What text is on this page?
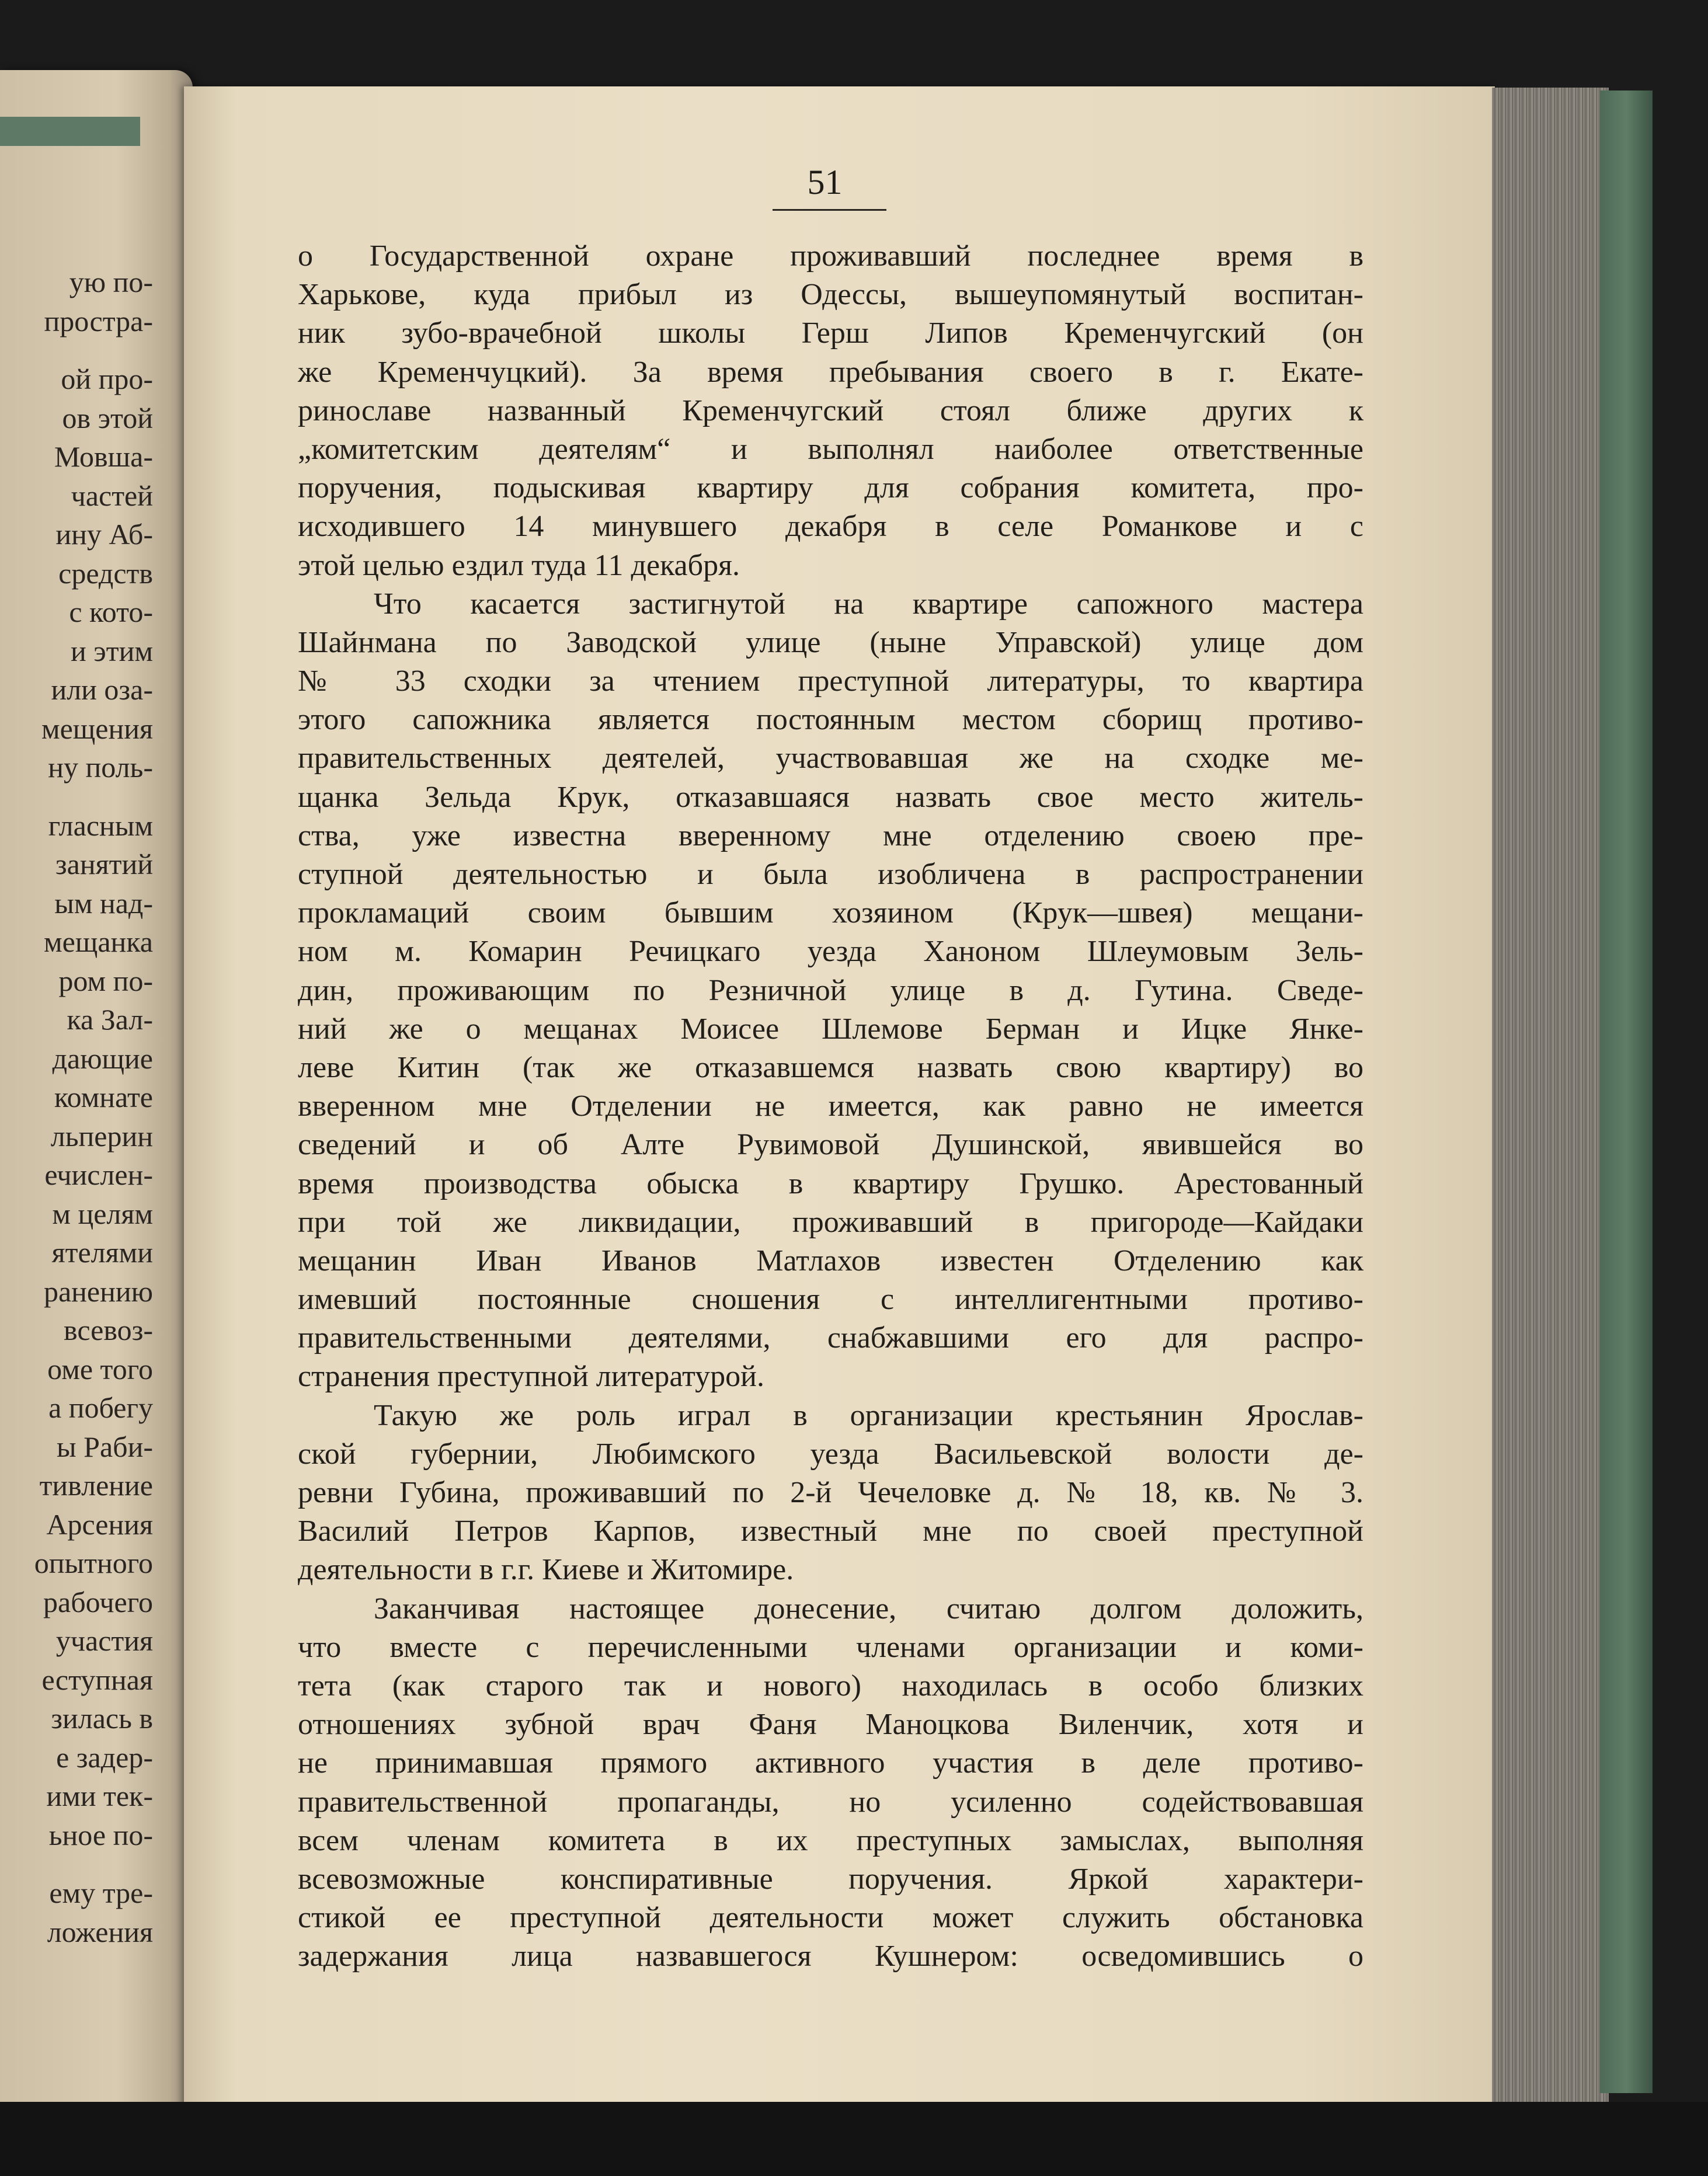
ую по-
простра-
ой про-
ов этой
Мовша-
частей
ину Аб-
средств
с кото-
и этим
или оза-
мещения
ну поль-
гласным
занятий
ым над-
мещанка
ром по-
ка Зал-
дающие
комнате
льперин
ечислен-
м целям
ятелями
ранению
всевоз-
оме того
а побегу
ы Раби-
тивление
Арсения
опытного
рабочего
участия
еступная
зилась в
е задер-
ими тек-
ьное по-
ему тре-
ложения
51
о Государственной охране проживавший последнее время в
Харькове, куда прибыл из Одессы, вышеупомянутый воспитан-
ник зубо-врачебной школы Герш Липов Кременчугский (он
же Кременчуцкий). За время пребывания своего в г. Екате-
ринославе названный Кременчугский стоял ближе других к
„комитетским деятелям“ и выполнял наиболее ответственные
поручения, подыскивая квартиру для собрания комитета, про-
исходившего 14 минувшего декабря в селе Романкове и с
этой целью ездил туда 11 декабря.
Что касается застигнутой на квартире сапожного мастера
Шайнмана по Заводской улице (ныне Управской) улице дом
№ 33 сходки за чтением преступной литературы, то квартира
этого сапожника является постоянным местом сборищ противо-
правительственных деятелей, участвовавшая же на сходке ме-
щанка Зельда Крук, отказавшаяся назвать свое место житель-
ства, уже известна вверенному мне отделению своею пре-
ступной деятельностью и была изобличена в распространении
прокламаций своим бывшим хозяином (Крук—швея) мещани-
ном м. Комарин Речицкаго уезда Ханоном Шлеумовым Зель-
дин, проживающим по Резничной улице в д. Гутина. Сведе-
ний же о мещанах Моисее Шлемове Берман и Ицке Янке-
леве Китин (так же отказавшемся назвать свою квартиру) во
вверенном мне Отделении не имеется, как равно не имеется
сведений и об Алте Рувимовой Душинской, явившейся во
время производства обыска в квартиру Грушко. Арестованный
при той же ликвидации, проживавший в пригороде—Кайдаки
мещанин Иван Иванов Матлахов известен Отделению как
имевший постоянные сношения с интеллигентными противо-
правительственными деятелями, снабжавшими его для распро-
странения преступной литературой.
Такую же роль играл в организации крестьянин Ярослав-
ской губернии, Любимского уезда Васильевской волости де-
ревни Губина, проживавший по 2-й Чечеловке д. № 18, кв. № 3.
Василий Петров Карпов, известный мне по своей преступной
деятельности в г.г. Киеве и Житомире.
Заканчивая настоящее донесение, считаю долгом доложить,
что вместе с перечисленными членами организации и коми-
тета (как старого так и нового) находилась в особо близких
отношениях зубной врач Фаня Маноцкова Виленчик, хотя и
не принимавшая прямого активного участия в деле противо-
правительственной пропаганды, но усиленно содействовавшая
всем членам комитета в их преступных замыслах, выполняя
всевозможные конспиративные поручения. Яркой характери-
стикой ее преступной деятельности может служить обстановка
задержания лица назвавшегося Кушнером: осведомившись о
